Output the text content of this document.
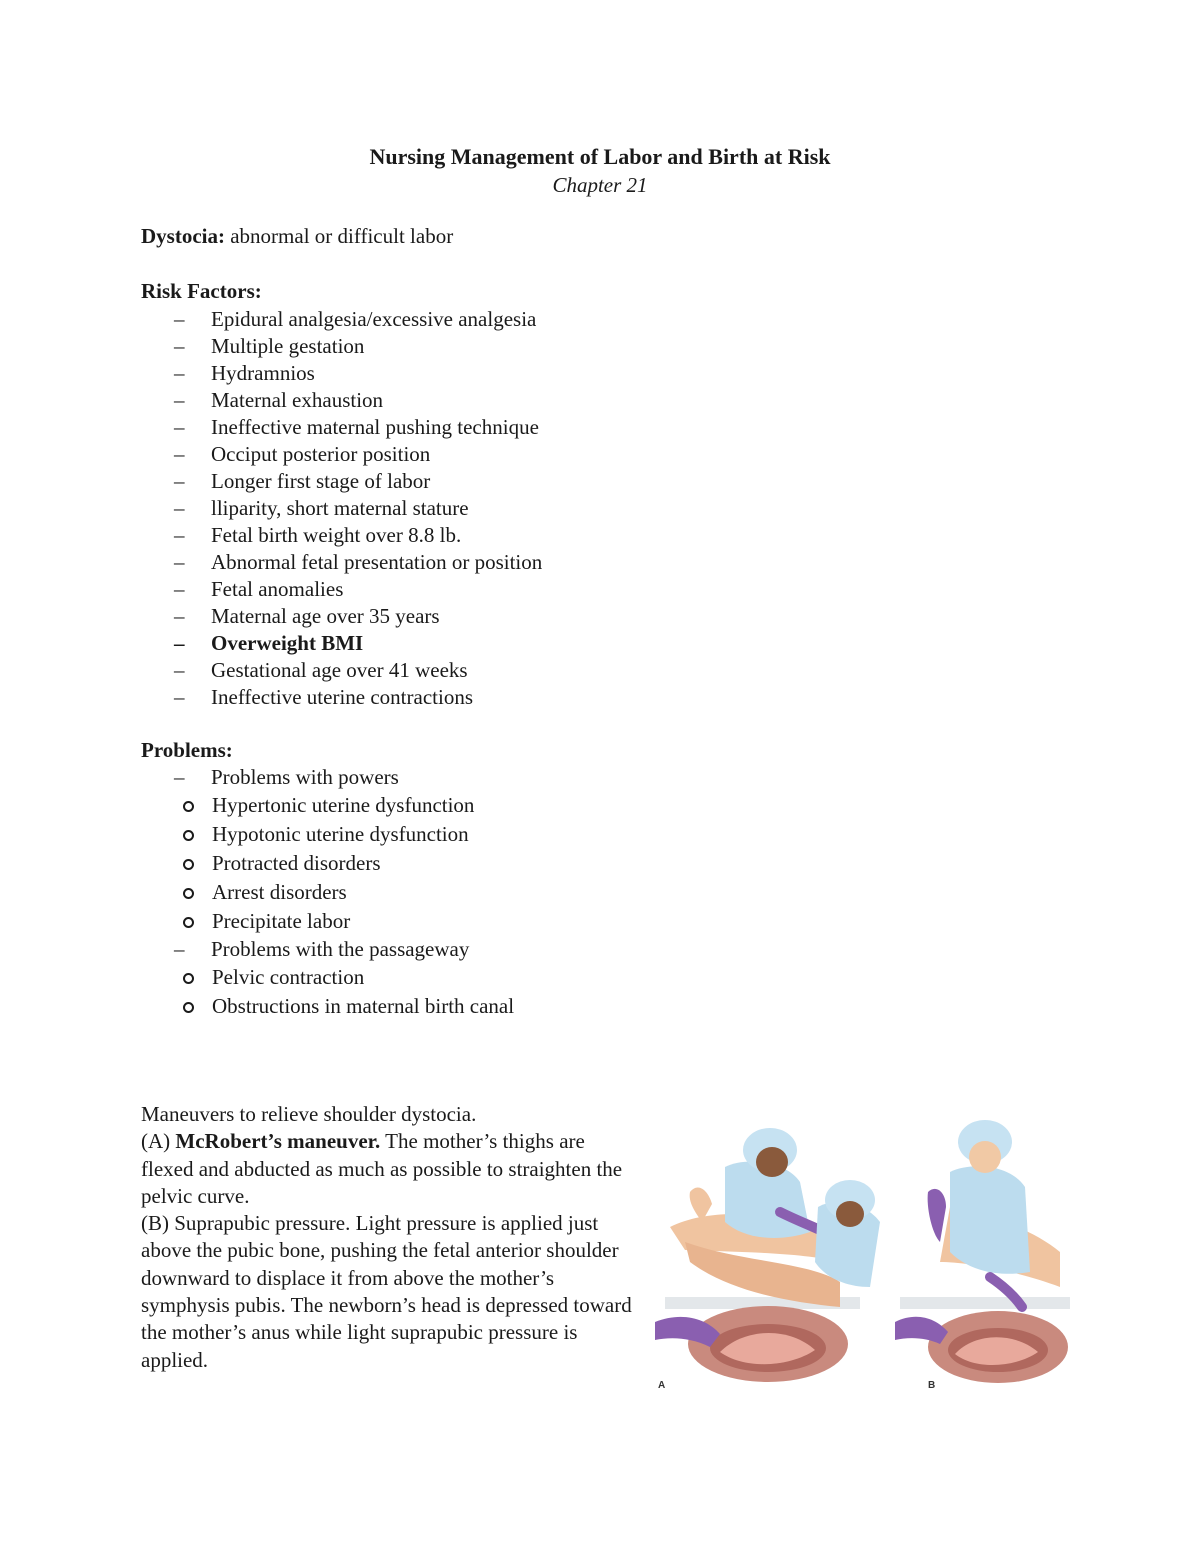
Nursing Management of Labor and Birth at Risk
Chapter 21
Dystocia: abnormal or difficult labor
Risk Factors:
– Epidural analgesia/excessive analgesia
– Multiple gestation
– Hydramnios
– Maternal exhaustion
– Ineffective maternal pushing technique
– Occiput posterior position
– Longer first stage of labor
– lliparity, short maternal stature
– Fetal birth weight over 8.8 lb.
– Abnormal fetal presentation or position
– Fetal anomalies
– Maternal age over 35 years
– Overweight BMI
– Gestational age over 41 weeks
– Ineffective uterine contractions
Problems:
– Problems with powers
Hypertonic uterine dysfunction
Hypotonic uterine dysfunction
Protracted disorders
Arrest disorders
Precipitate labor
– Problems with the passageway
Pelvic contraction
Obstructions in maternal birth canal

Maneuvers to relieve shoulder dystocia.

(A) McRobert’s maneuver. The mother’s thighs are flexed and abducted as much as possible to straighten the pelvic curve.

(B) Suprapubic pressure. Light pressure is applied just above the pubic bone, pushing the fetal anterior shoulder downward to displace it from above the mother’s symphysis pubis. The newborn’s head is depressed toward the mother’s anus while light suprapubic pressure is applied.

A	B
